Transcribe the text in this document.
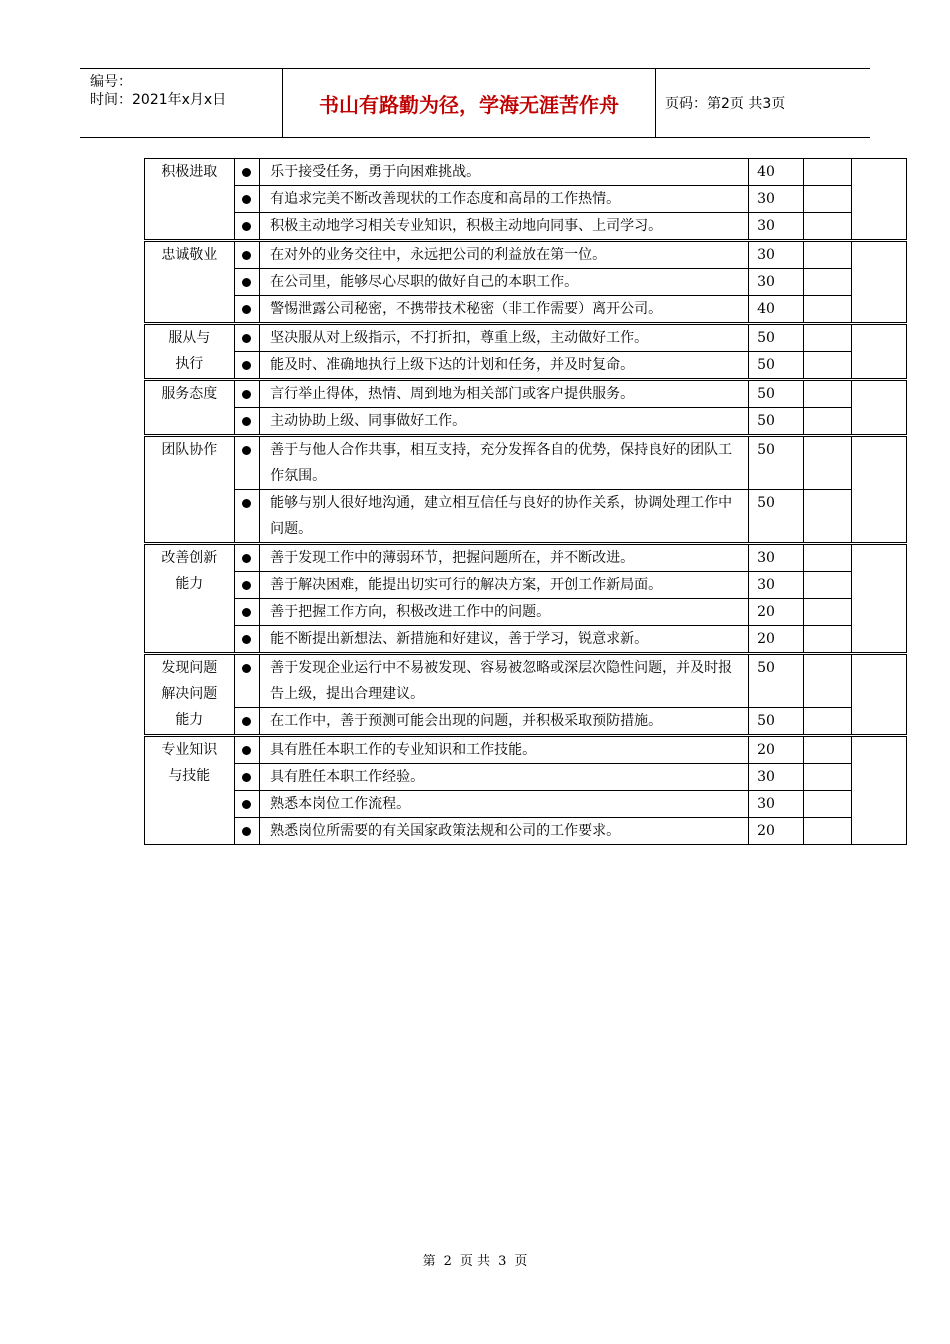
编号：
时间：2021年x月x日	书山有路勤为径，学海无涯苦作舟	页码：第2页 共3页
积极进取		乐于接受任务，勇于向困难挑战。	40		
		有追求完美不断改善现状的工作态度和高昂的工作热情。	30		
		积极主动地学习相关专业知识，积极主动地向同事、上司学习。	30		

忠诚敬业		在对外的业务交往中，永远把公司的利益放在第一位。	30		
		在公司里，能够尽心尽职的做好自己的本职工作。	30		
		警惕泄露公司秘密，不携带技术秘密（非工作需要）离开公司。	40		

服从与
执行		坚决服从对上级指示，不打折扣，尊重上级，主动做好工作。	50		
		能及时、准确地执行上级下达的计划和任务，并及时复命。	50		

服务态度		言行举止得体，热情、周到地为相关部门或客户提供服务。	50		
		主动协助上级、同事做好工作。	50		

团队协作		善于与他人合作共事，相互支持，充分发挥各自的优势，保持良好的团队工作氛围。	50		
		能够与别人很好地沟通，建立相互信任与良好的协作关系，协调处理工作中问题。	50		

改善创新
能力		善于发现工作中的薄弱环节，把握问题所在，并不断改进。	30		
		善于解决困难，能提出切实可行的解决方案，开创工作新局面。	30		
		善于把握工作方向，积极改进工作中的问题。	20		
		能不断提出新想法、新措施和好建议，善于学习，锐意求新。	20		

发现问题
解决问题
能力		善于发现企业运行中不易被发现、容易被忽略或深层次隐性问题，并及时报告上级，提出合理建议。	50		
		在工作中，善于预测可能会出现的问题，并积极采取预防措施。	50		

专业知识
与技能		具有胜任本职工作的专业知识和工作技能。	20		
		具有胜任本职工作经验。	30		
		熟悉本岗位工作流程。	30		
		熟悉岗位所需要的有关国家政策法规和公司的工作要求。	20		
第 2 页 共 3 页
